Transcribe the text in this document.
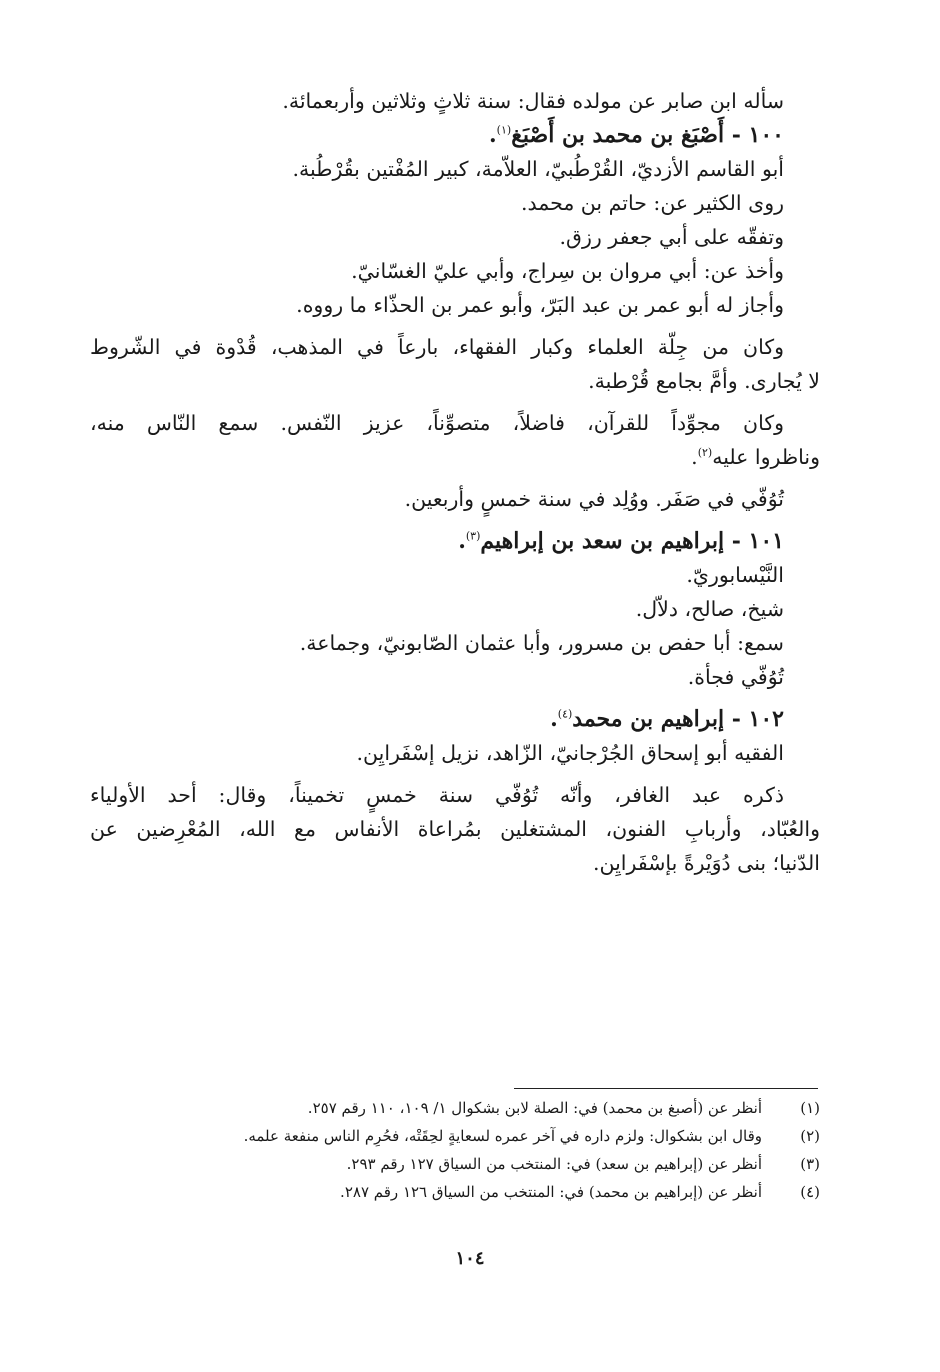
سأله ابن صابر عن مولده فقال: سنة ثلاثٍ وثلاثين وأربعمائة.

١٠٠ - أَصْبَغ بن محمد بن أَصْبَغ$^{(١)}$.

أبو القاسم الأزديّ، القُرْطُبيّ، العلاّمة، كبير المُفْتين بقُرْطُبة.

روى الكثير عن: حاتم بن محمد.

وتفقّه على أبي جعفر رزق.

وأخذ عن: أبي مروان بن سِراج، وأبي عليّ الغسّانيّ.

وأجاز له أبو عمر بن عبد البَرّ، وأبو عمر بن الحذّاء ما رووه.

وكان من جِلّة العلماء وكبار الفقهاء، بارعاً في المذهب، قُدْوة في الشّروط

لا يُجارى. وأمَّ بجامع قُرْطبة.

وكان مجوِّداً للقرآن، فاضلاً، متصوِّناً، عزيز النّفس. سمع النّاس منه،

وناظروا عليه$^{(٢)}$.

تُوُفّي في صَفَر. ووُلِد في سنة خمسٍ وأربعين.

١٠١ - إبراهيم بن سعد بن إبراهيم$^{(٣)}$.

النَّيْسابوريّ.

شيخ، صالح، دلاّل.

سمع: أبا حفص بن مسرور، وأبا عثمان الصّابونيّ، وجماعة.

تُوُفّي فجأة.

١٠٢ - إبراهيم بن محمد$^{(٤)}$.

الفقيه أبو إسحاق الجُرْجانيّ، الزّاهد، نزيل إسْفَرايِن.

ذكره عبد الغافر، وأنّه تُوُفّي سنة خمسٍ تخميناً، وقال: أحد الأولياء

والعُبّاد، وأربابِ الفنون، المشتغلين بمُراعاة الأنفاس مع الله، المُعْرِضين عن

الدّنيا؛ بنى دُوَيْرةً بإسْفَرايِن.

(١)أنظر عن (أصبغ بن محمد) في: الصلة لابن بشكوال ١/ ١٠٩، ١١٠ رقم ٢٥٧.

(٢)وقال ابن بشكوال: ولزم داره في آخر عمره لسعايةٍ لحِقَتْه، فحُرِم الناس منفعة علمه.

(٣)أنظر عن (إبراهيم بن سعد) في: المنتخب من السياق ١٢٧ رقم ٢٩٣.

(٤)أنظر عن (إبراهيم بن محمد) في: المنتخب من السياق ١٢٦ رقم ٢٨٧.

١٠٤
